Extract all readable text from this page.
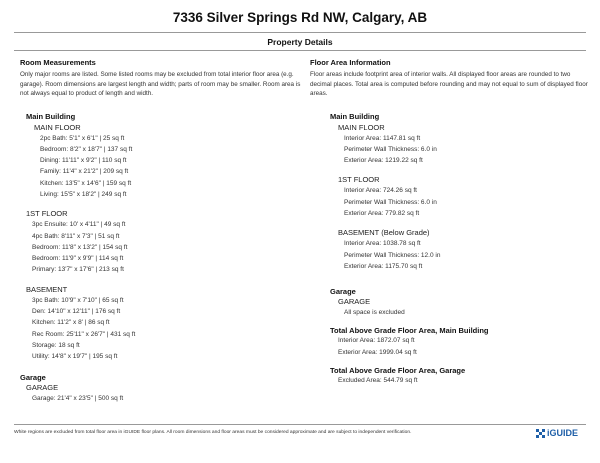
7336 Silver Springs Rd NW, Calgary, AB
Property Details
Room Measurements
Only major rooms are listed. Some listed rooms may be excluded from total interior floor area (e.g. garage). Room dimensions are largest length and width; parts of room may be smaller. Room area is not always equal to product of length and width.
Main Building
MAIN FLOOR
2pc Bath: 5'1" x 6'1" | 25 sq ft
Bedroom: 8'2" x 18'7" | 137 sq ft
Dining: 11'11" x 9'2" | 110 sq ft
Family: 11'4" x 21'2" | 209 sq ft
Kitchen: 13'5" x 14'6" | 159 sq ft
Living: 15'5" x 18'2" | 249 sq ft
1ST FLOOR
3pc Ensuite: 10' x 4'11" | 49 sq ft
4pc Bath: 8'11" x 7'3" | 51 sq ft
Bedroom: 11'8" x 13'2" | 154 sq ft
Bedroom: 11'9" x 9'9" | 114 sq ft
Primary: 13'7" x 17'6" | 213 sq ft
BASEMENT
3pc Bath: 10'9" x 7'10" | 65 sq ft
Den: 14'10" x 12'11" | 176 sq ft
Kitchen: 11'2" x 8' | 86 sq ft
Rec Room: 25'11" x 26'7" | 431 sq ft
Storage: 18 sq ft
Utility: 14'8" x 19'7" | 195 sq ft
Garage
GARAGE
Garage: 21'4" x 23'5" | 500 sq ft
Floor Area Information
Floor areas include footprint area of interior walls. All displayed floor areas are rounded to two decimal places. Total area is computed before rounding and may not equal to sum of displayed floor areas.
Main Building
MAIN FLOOR
Interior Area: 1147.81 sq ft
Perimeter Wall Thickness: 6.0 in
Exterior Area: 1219.22 sq ft
1ST FLOOR
Interior Area: 724.26 sq ft
Perimeter Wall Thickness: 6.0 in
Exterior Area: 779.82 sq ft
BASEMENT (Below Grade)
Interior Area: 1038.78 sq ft
Perimeter Wall Thickness: 12.0 in
Exterior Area: 1175.70 sq ft
Garage
GARAGE
All space is excluded
Total Above Grade Floor Area, Main Building
Interior Area: 1872.07 sq ft
Exterior Area: 1999.04 sq ft
Total Above Grade Floor Area, Garage
Excluded Area: 544.79 sq ft
White regions are excluded from total floor area in iGUIDE floor plans. All room dimensions and floor areas must be considered approximate and are subject to independent verification.	iGUIDE
